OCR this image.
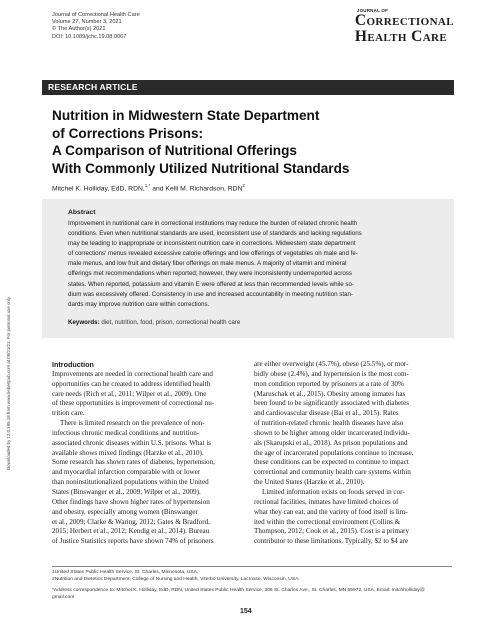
Journal of Correctional Health Care
Volume 27, Number 3, 2021
© The Author(s) 2021
DOI: 10.1089/jchc.19.08.0067
JOURNAL OF
Correctional
Health Care
RESEARCH ARTICLE
Nutrition in Midwestern State Department
of Corrections Prisons:
A Comparison of Nutritional Offerings
With Commonly Utilized Nutritional Standards
Mitchel K. Holliday, EdD, RDN,$^{1,*}$ and Kelli M. Richardson, RDN$^2$
Abstract
Improvement in nutritional care in correctional institutions may reduce the burden of related chronic health
conditions. Even when nutritional standards are used, inconsistent use of standards and lacking regulations
may be leading to inappropriate or inconsistent nutrition care in corrections. Midwestern state department
of corrections' menus revealed excessive calorie offerings and low offerings of vegetables on male and fe-
male menus, and low fruit and dietary fiber offerings on male menus. A majority of vitamin and mineral
offerings met recommendations when reported; however, they were inconsistently underreported across
states. When reported, potassium and vitamin E were offered at less than recommended levels while so-
dium was excessively offered. Consistency in use and increased accountability in meeting nutrition stan-
dards may improve nutrition care within corrections.
Keywords: diet, nutrition, food, prison, correctional health care
Downloaded by 12.0.195.18 from www.liebertpub.com at 09/21/21. For personal use only.	Introduction
Improvements are needed in correctional health care and
opportunities can be created to address identified health
care needs (Rich et al., 2011; Wilper et al., 2009). One
of these opportunities is improvement of correctional nu-
trition care.
There is limited research on the prevalence of non-
infectious chronic medical conditions and nutrition-
associated chronic diseases within U.S. prisons. What is
available shows mixed findings (Harzke et al., 2010).
Some research has shown rates of diabetes, hypertension,
and myocardial infarction comparable with or lower
than noninstitutionalized populations within the United
States (Binswanger et al., 2009; Wilper et al., 2009).
Other findings have shown higher rates of hypertension
and obesity, especially among women (Binswanger
et al., 2009; Clarke & Waring, 2012; Gates & Bradford,
2015; Herbert et al., 2012; Kendig et al., 2014). Bureau
of Justice Statistics reports have shown 74% of prisoners
are either overweight (45.7%), obese (25.5%), or mor-
bidly obese (2.4%), and hypertension is the most com-
mon condition reported by prisoners at a rate of 30%
(Maruschak et al., 2015). Obesity among inmates has
been found to be significantly associated with diabetes
and cardiovascular disease (Bai et al., 2015). Rates
of nutrition-related chronic health diseases have also
shown to be higher among older incarcerated individu-
als (Skarupski et al., 2018). As prison populations and
the age of incarcerated populations continue to increase,
these conditions can be expected to continue to impact
correctional and community health care systems within
the United States (Harzke et al., 2010).
Limited information exists on foods served in cor-
rectional facilities, inmates have limited choices of
what they can eat, and the variety of food itself is lim-
ited within the correctional environment (Collins &
Thompson, 2012; Cook et al., 2015). Cost is a primary
contributor to these limitations. Typically, $2 to $4 are
1United States Public Health Service, St. Charles, Minnesota, USA.
2Nutrition and Dietetics Department, College of Nursing and Health, Viterbo University, Lacrosse, Wisconsin, USA.
*Address correspondence to: Mitchel K. Holliday, EdD, RDN, United States Public Health Service, 306 St. Charles Ave., St. Charles, MN 55972, USA, Email: mitchholliday@
gmail.com
154
